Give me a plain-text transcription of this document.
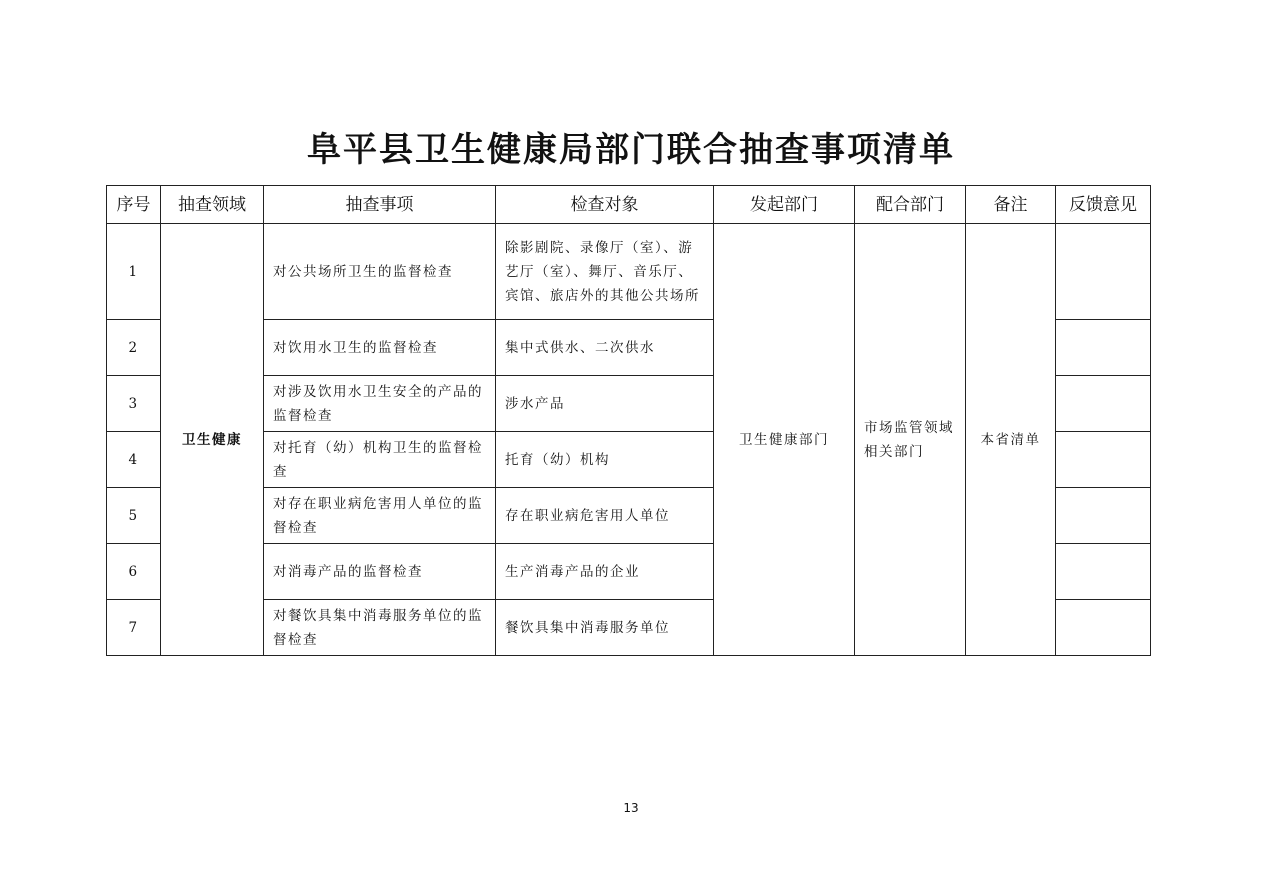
阜平县卫生健康局部门联合抽查事项清单
序号	抽查领域	抽查事项	检查对象	发起部门	配合部门	备注	反馈意见
1	卫生健康	对公共场所卫生的监督检查	除影剧院、录像厅（室）、游艺厅（室）、舞厅、音乐厅、宾馆、旅店外的其他公共场所	卫生健康部门	市场监管领域相关部门	本省清单	
2		对饮用水卫生的监督检查	集中式供水、二次供水				
3		对涉及饮用水卫生安全的产品的监督检查	涉水产品				
4		对托育（幼）机构卫生的监督检查	托育（幼）机构				
5		对存在职业病危害用人单位的监督检查	存在职业病危害用人单位				
6		对消毒产品的监督检查	生产消毒产品的企业				
7		对餐饮具集中消毒服务单位的监督检查	餐饮具集中消毒服务单位				
13
